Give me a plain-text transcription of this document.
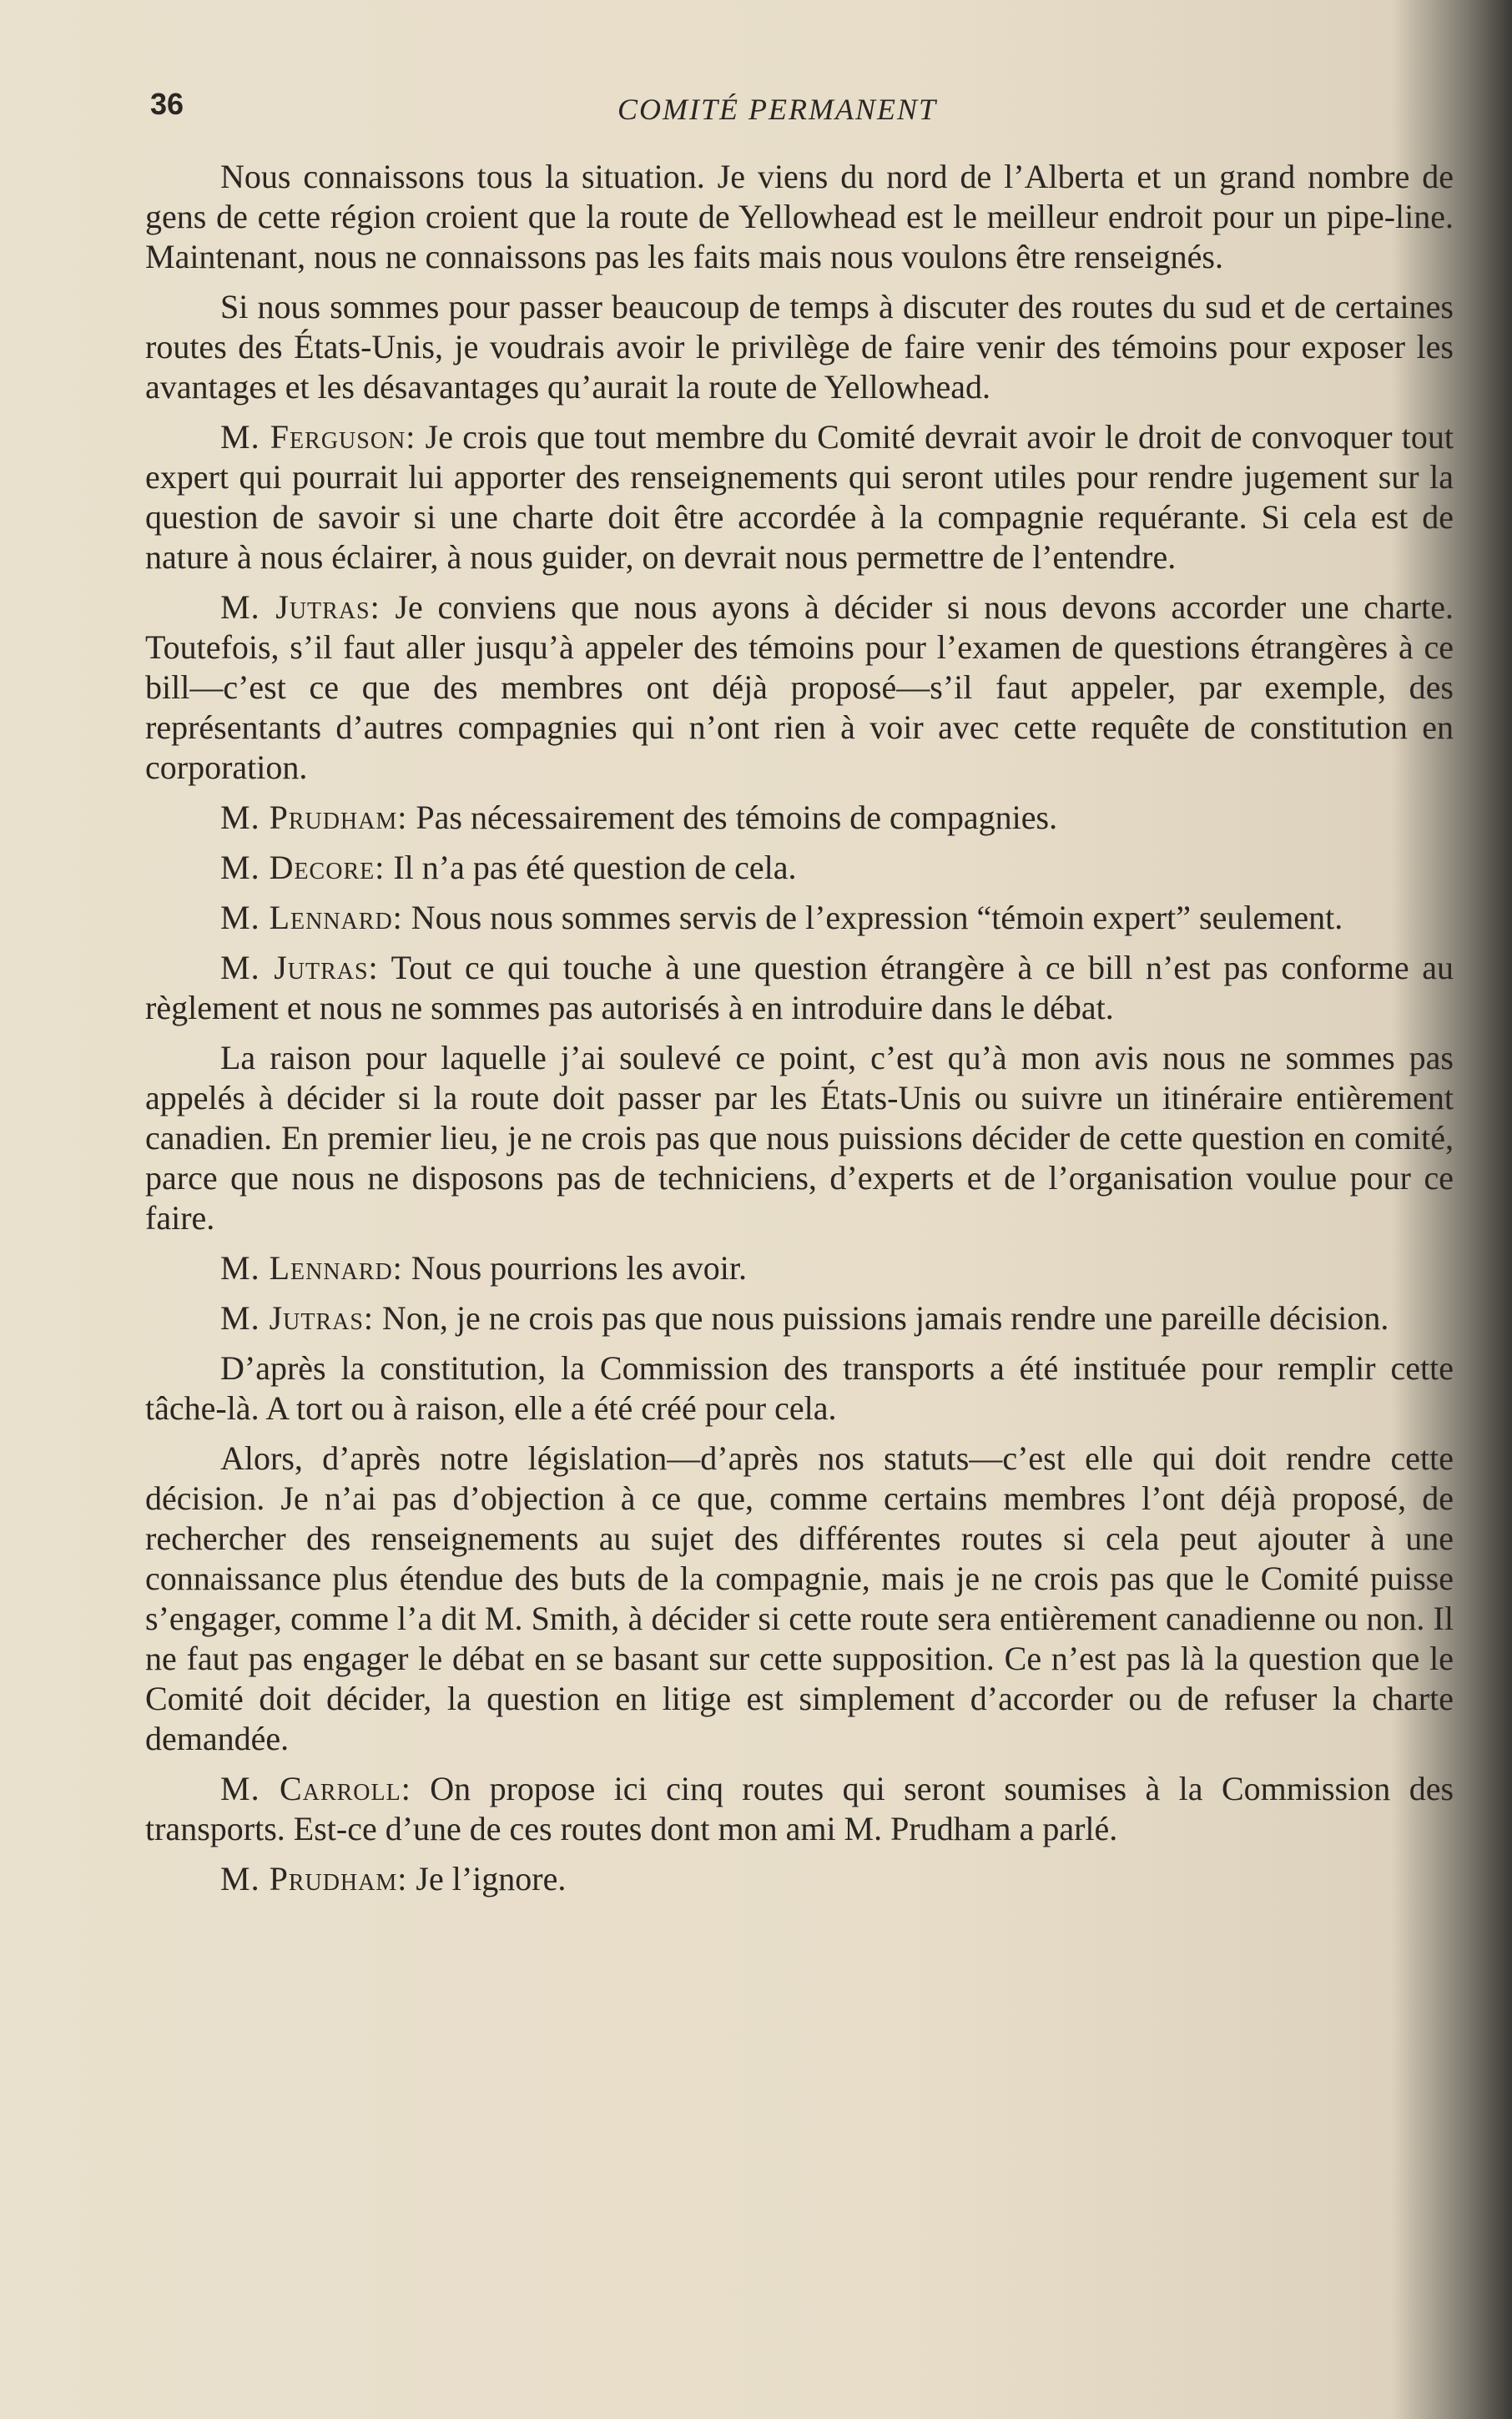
36	COMITÉ PERMANENT

Nous connaissons tous la situation. Je viens du nord de l’Alberta et un grand nombre de gens de cette région croient que la route de Yellowhead est le meilleur endroit pour un pipe-line. Maintenant, nous ne connaissons pas les faits mais nous voulons être renseignés.

Si nous sommes pour passer beaucoup de temps à discuter des routes du sud et de certaines routes des États-Unis, je voudrais avoir le privilège de faire venir des témoins pour exposer les avantages et les désavantages qu’aurait la route de Yellowhead.

M. Ferguson: Je crois que tout membre du Comité devrait avoir le droit de convoquer tout expert qui pourrait lui apporter des renseignements qui seront utiles pour rendre jugement sur la question de savoir si une charte doit être accordée à la compagnie requérante. Si cela est de nature à nous éclairer, à nous guider, on devrait nous permettre de l’entendre.

M. Jutras: Je conviens que nous ayons à décider si nous devons accorder une charte. Toutefois, s’il faut aller jusqu’à appeler des témoins pour l’examen de questions étrangères à ce bill—c’est ce que des membres ont déjà proposé—s’il faut appeler, par exemple, des représentants d’autres compagnies qui n’ont rien à voir avec cette requête de constitution en corporation.

M. Prudham: Pas nécessairement des témoins de compagnies.

M. Decore: Il n’a pas été question de cela.

M. Lennard: Nous nous sommes servis de l’expression “témoin expert” seulement.

M. Jutras: Tout ce qui touche à une question étrangère à ce bill n’est pas conforme au règlement et nous ne sommes pas autorisés à en introduire dans le débat.

La raison pour laquelle j’ai soulevé ce point, c’est qu’à mon avis nous ne sommes pas appelés à décider si la route doit passer par les États-Unis ou suivre un itinéraire entièrement canadien. En premier lieu, je ne crois pas que nous puissions décider de cette question en comité, parce que nous ne disposons pas de techniciens, d’experts et de l’organisation voulue pour ce faire.

M. Lennard: Nous pourrions les avoir.

M. Jutras: Non, je ne crois pas que nous puissions jamais rendre une pareille décision.

D’après la constitution, la Commission des transports a été instituée pour remplir cette tâche-là. A tort ou à raison, elle a été créé pour cela.

Alors, d’après notre législation—d’après nos statuts—c’est elle qui doit rendre cette décision. Je n’ai pas d’objection à ce que, comme certains membres l’ont déjà proposé, de rechercher des renseignements au sujet des différentes routes si cela peut ajouter à une connaissance plus étendue des buts de la compagnie, mais je ne crois pas que le Comité puisse s’engager, comme l’a dit M. Smith, à décider si cette route sera entièrement canadienne ou non. Il ne faut pas engager le débat en se basant sur cette supposition. Ce n’est pas là la question que le Comité doit décider, la question en litige est simplement d’accorder ou de refuser la charte demandée.

M. Carroll: On propose ici cinq routes qui seront soumises à la Commission des transports. Est-ce d’une de ces routes dont mon ami M. Prudham a parlé.

M. Prudham: Je l’ignore.
